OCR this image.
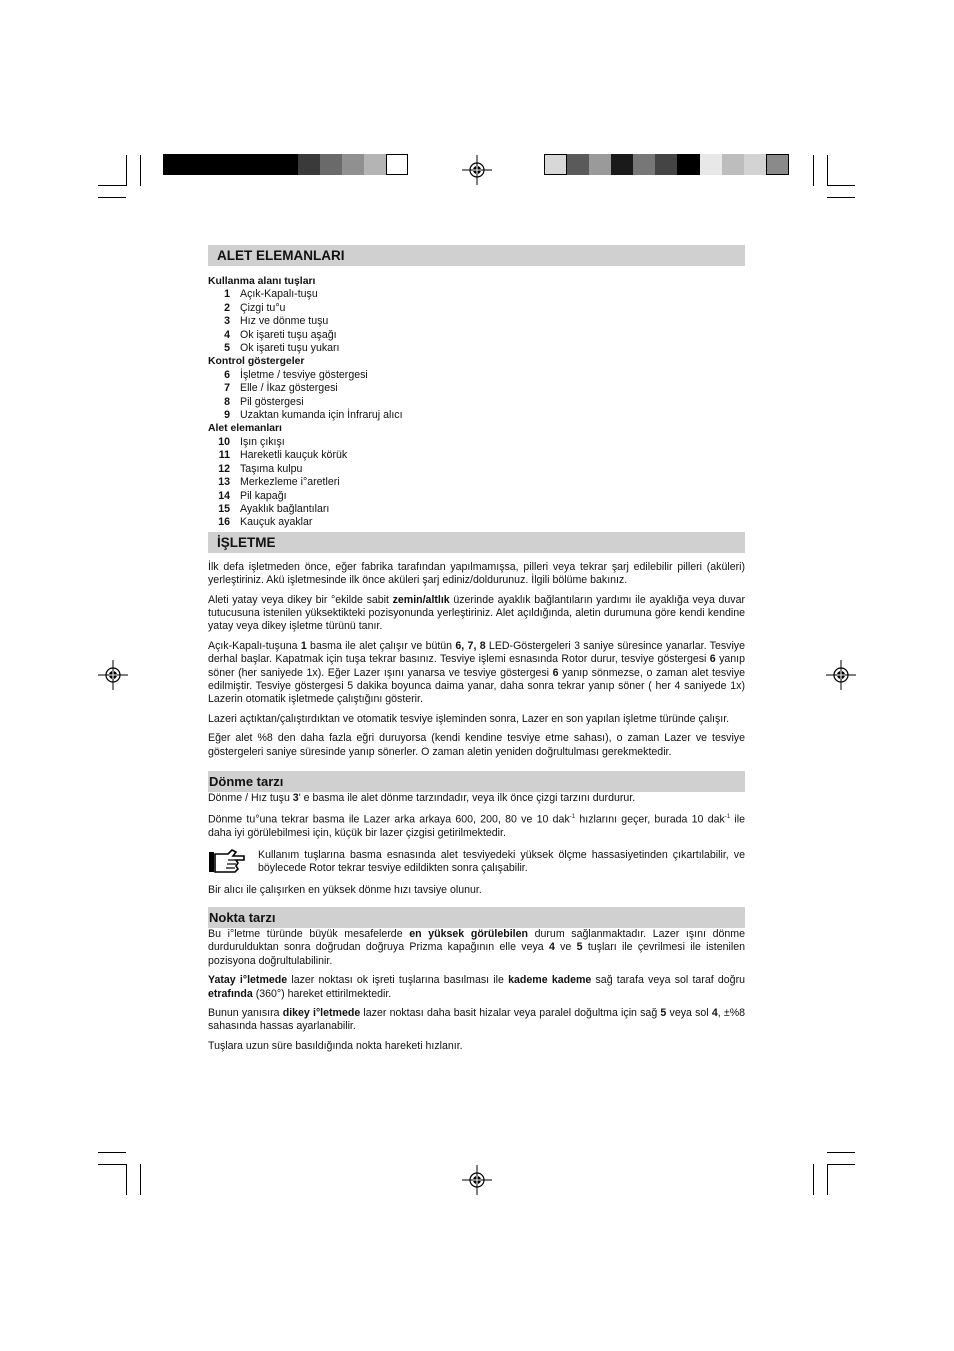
ALET ELEMANLARI
Kullanma alanı tuşları
1 Açık-Kapalı-tuşu
2 Çizgi tu°u
3 Hız ve dönme tuşu
4 Ok işareti tuşu aşağı
5 Ok işareti tuşu yukarı
Kontrol göstergeler
6 İşletme / tesviye göstergesi
7 Elle / İkaz göstergesi
8 Pil göstergesi
9 Uzaktan kumanda için İnfraruj alıcı
Alet elemanları
10 Işın çıkışı
11 Hareketli kauçuk körük
12 Taşıma kulpu
13 Merkezleme i°aretleri
14 Pil kapağı
15 Ayaklık bağlantıları
16 Kauçuk ayaklar
İŞLETME

İlk defa işletmeden önce, eğer fabrika tarafından yapılmamışsa, pilleri veya tekrar şarj edilebilir pilleri (aküleri) yerleştiriniz. Akü işletmesinde ilk önce aküleri şarj ediniz/doldurunuz. İlgili bölüme bakınız.

Aleti yatay veya dikey bir °ekilde sabit zemin/altlık üzerinde ayaklık bağlantıların yardımı ile ayaklığa veya duvar tutucusuna istenilen yüksektikteki pozisyonunda yerleştiriniz. Alet açıldığında, aletin durumuna göre kendi kendine yatay veya dikey işletme türünü tanır.

Açık-Kapalı-tuşuna 1 basma ile alet çalışır ve bütün 6, 7, 8 LED-Göstergeleri 3 saniye süresince yanarlar. Tesviye derhal başlar. Kapatmak için tuşa tekrar basınız. Tesviye işlemi esnasında Rotor durur, tesviye göstergesi 6 yanıp söner (her saniyede 1x). Eğer Lazer ışını yanarsa ve tesviye göstergesi 6 yanıp sönmezse, o zaman alet tesviye edilmiştir. Tesviye göstergesi 5 dakika boyunca daima yanar, daha sonra tekrar yanıp söner ( her 4 saniyede 1x) Lazerin otomatik işletmede çalıştığını gösterir.

Lazeri açtıktan/çalıştırdıktan ve otomatik tesviye işleminden sonra, Lazer en son yapılan işletme türünde çalışır.

Eğer alet %8 den daha fazla eğri duruyorsa (kendi kendine tesviye etme sahası), o zaman Lazer ve tesviye göstergeleri saniye süresinde yanıp sönerler. O zaman aletin yeniden doğrultulması gerekmektedir.

Dönme tarzı

Dönme / Hız tuşu 3' e basma ile alet dönme tarzındadır, veya ilk önce çizgi tarzını durdurur.

Dönme tu°una tekrar basma ile Lazer arka arkaya 600, 200, 80 ve 10 dak$^{-1}$ hızlarını geçer, burada 10 dak$^{-1}$ ile daha iyi görülebilmesi için, küçük bir lazer çizgisi getirilmektedir.

Kullanım tuşlarına basma esnasında alet tesviyedeki yüksek ölçme hassasiyetinden çıkartılabilir, ve böylecede Rotor tekrar tesviye edildikten sonra çalışabilir.

Bir alıcı ile çalışırken en yüksek dönme hızı tavsiye olunur.

Nokta tarzı

Bu i°letme türünde büyük mesafelerde en yüksek görülebilen durum sağlanmaktadır. Lazer ışını dönme durdurulduktan sonra doğrudan doğruya Prizma kapağının elle veya 4 ve 5 tuşları ile çevrilmesi ile istenilen pozisyona doğrultulabilinir.

Yatay i°letmede lazer noktası ok işreti tuşlarına basılması ile kademe kademe sağ tarafa veya sol taraf doğru etrafında (360°) hareket ettirilmektedir.

Bunun yanısıra dikey i°letmede lazer noktası daha basit hizalar veya paralel doğultma için sağ 5 veya sol 4, ±%8 sahasında hassas ayarlanabilir.

Tuşlara uzun süre basıldığında nokta hareketi hızlanır.
